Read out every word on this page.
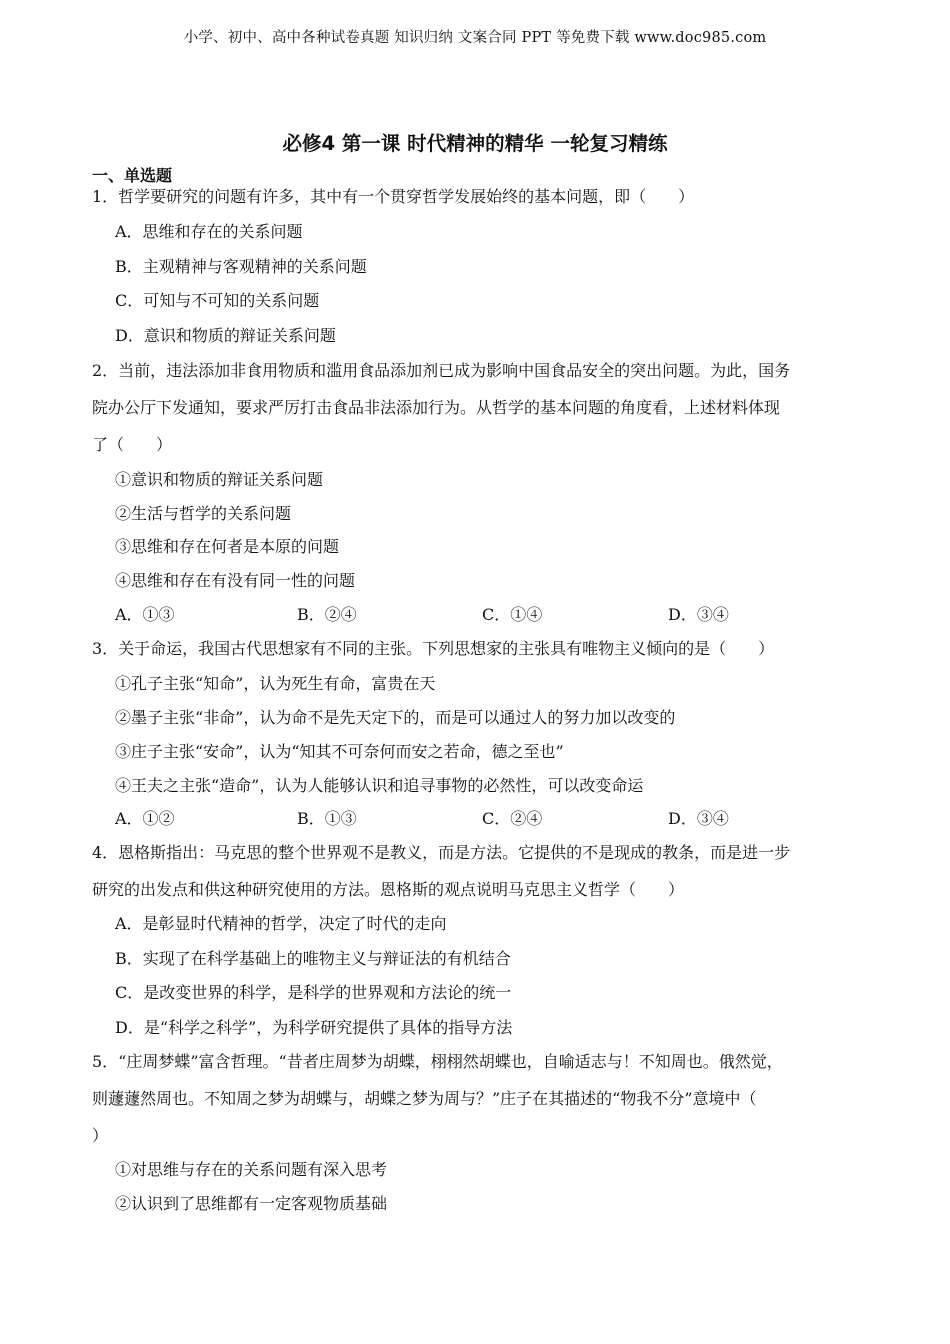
小学、初中、高中各种试卷真题 知识归纳 文案合同 PPT 等免费下载 www.doc985.com
必修4 第一课 时代精神的精华 一轮复习精练
一、单选题
1．哲学要研究的问题有许多，其中有一个贯穿哲学发展始终的基本问题，即（　　）
A．思维和存在的关系问题
B．主观精神与客观精神的关系问题
C．可知与不可知的关系问题
D．意识和物质的辩证关系问题
2．当前，违法添加非食用物质和滥用食品添加剂已成为影响中国食品安全的突出问题。为此，国务
院办公厅下发通知，要求严厉打击食品非法添加行为。从哲学的基本问题的角度看，上述材料体现
了（　　）
①意识和物质的辩证关系问题
②生活与哲学的关系问题
③思维和存在何者是本原的问题
④思维和存在有没有同一性的问题
A．①③	B．②④	C．①④	D．③④
3．关于命运，我国古代思想家有不同的主张。下列思想家的主张具有唯物主义倾向的是（　　）
①孔子主张“知命”，认为死生有命，富贵在天
②墨子主张“非命”，认为命不是先天定下的，而是可以通过人的努力加以改变的
③庄子主张“安命”，认为“知其不可奈何而安之若命，德之至也”
④王夫之主张“造命”，认为人能够认识和追寻事物的必然性，可以改变命运
A．①②	B．①③	C．②④	D．③④
4．恩格斯指出：马克思的整个世界观不是教义，而是方法。它提供的不是现成的教条，而是进一步
研究的出发点和供这种研究使用的方法。恩格斯的观点说明马克思主义哲学（　　）
A．是彰显时代精神的哲学，决定了时代的走向
B．实现了在科学基础上的唯物主义与辩证法的有机结合
C．是改变世界的科学，是科学的世界观和方法论的统一
D．是“科学之科学”，为科学研究提供了具体的指导方法
5．“庄周梦蝶”富含哲理。“昔者庄周梦为胡蝶，栩栩然胡蝶也，自喻适志与！不知周也。俄然觉，
则蘧蘧然周也。不知周之梦为胡蝶与，胡蝶之梦为周与？”庄子在其描述的“物我不分”意境中（
）
①对思维与存在的关系问题有深入思考
②认识到了思维都有一定客观物质基础
